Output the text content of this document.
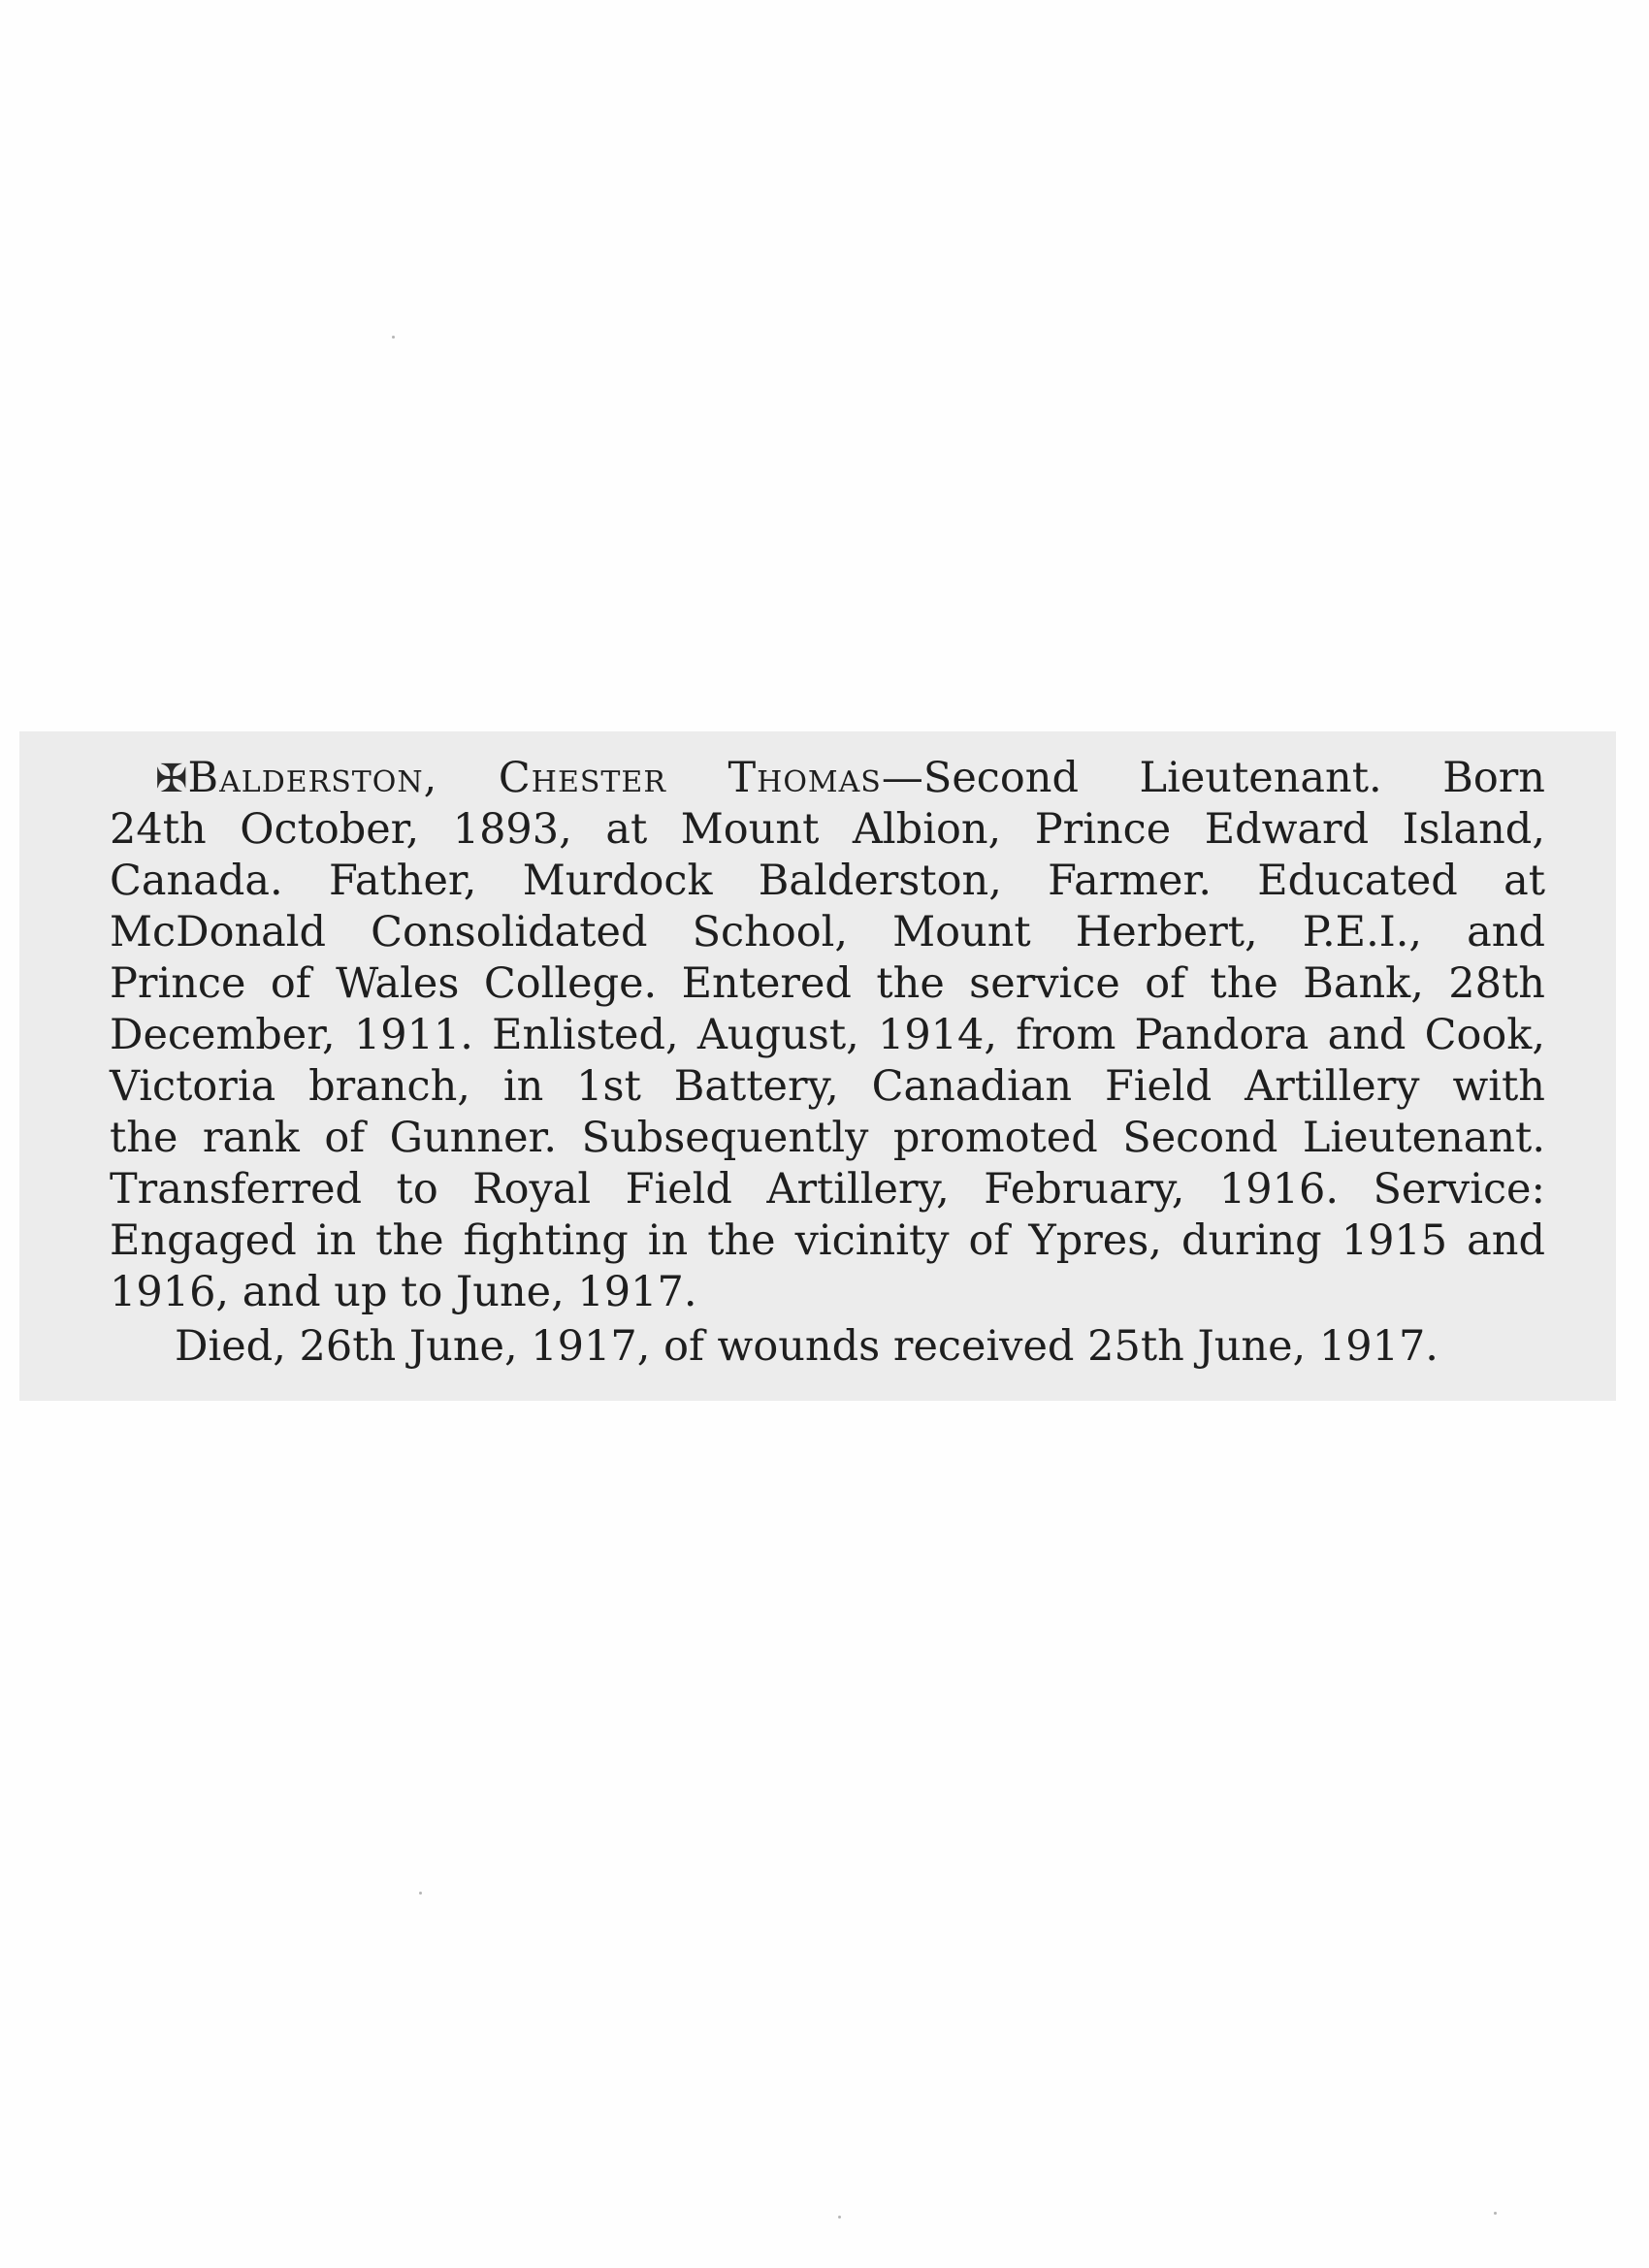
✠Balderston, Chester Thomas—Second Lieutenant. Born
24th October, 1893, at Mount Albion, Prince Edward Island,
Canada. Father, Murdock Balderston, Farmer. Educated at
McDonald Consolidated School, Mount Herbert, P.E.I., and
Prince of Wales College. Entered the service of the Bank, 28th
December, 1911. Enlisted, August, 1914, from Pandora and Cook,
Victoria branch, in 1st Battery, Canadian Field Artillery with
the rank of Gunner. Subsequently promoted Second Lieutenant.
Transferred to Royal Field Artillery, February, 1916. Service:
Engaged in the fighting in the vicinity of Ypres, during 1915 and
1916, and up to June, 1917.
Died, 26th June, 1917, of wounds received 25th June, 1917.
